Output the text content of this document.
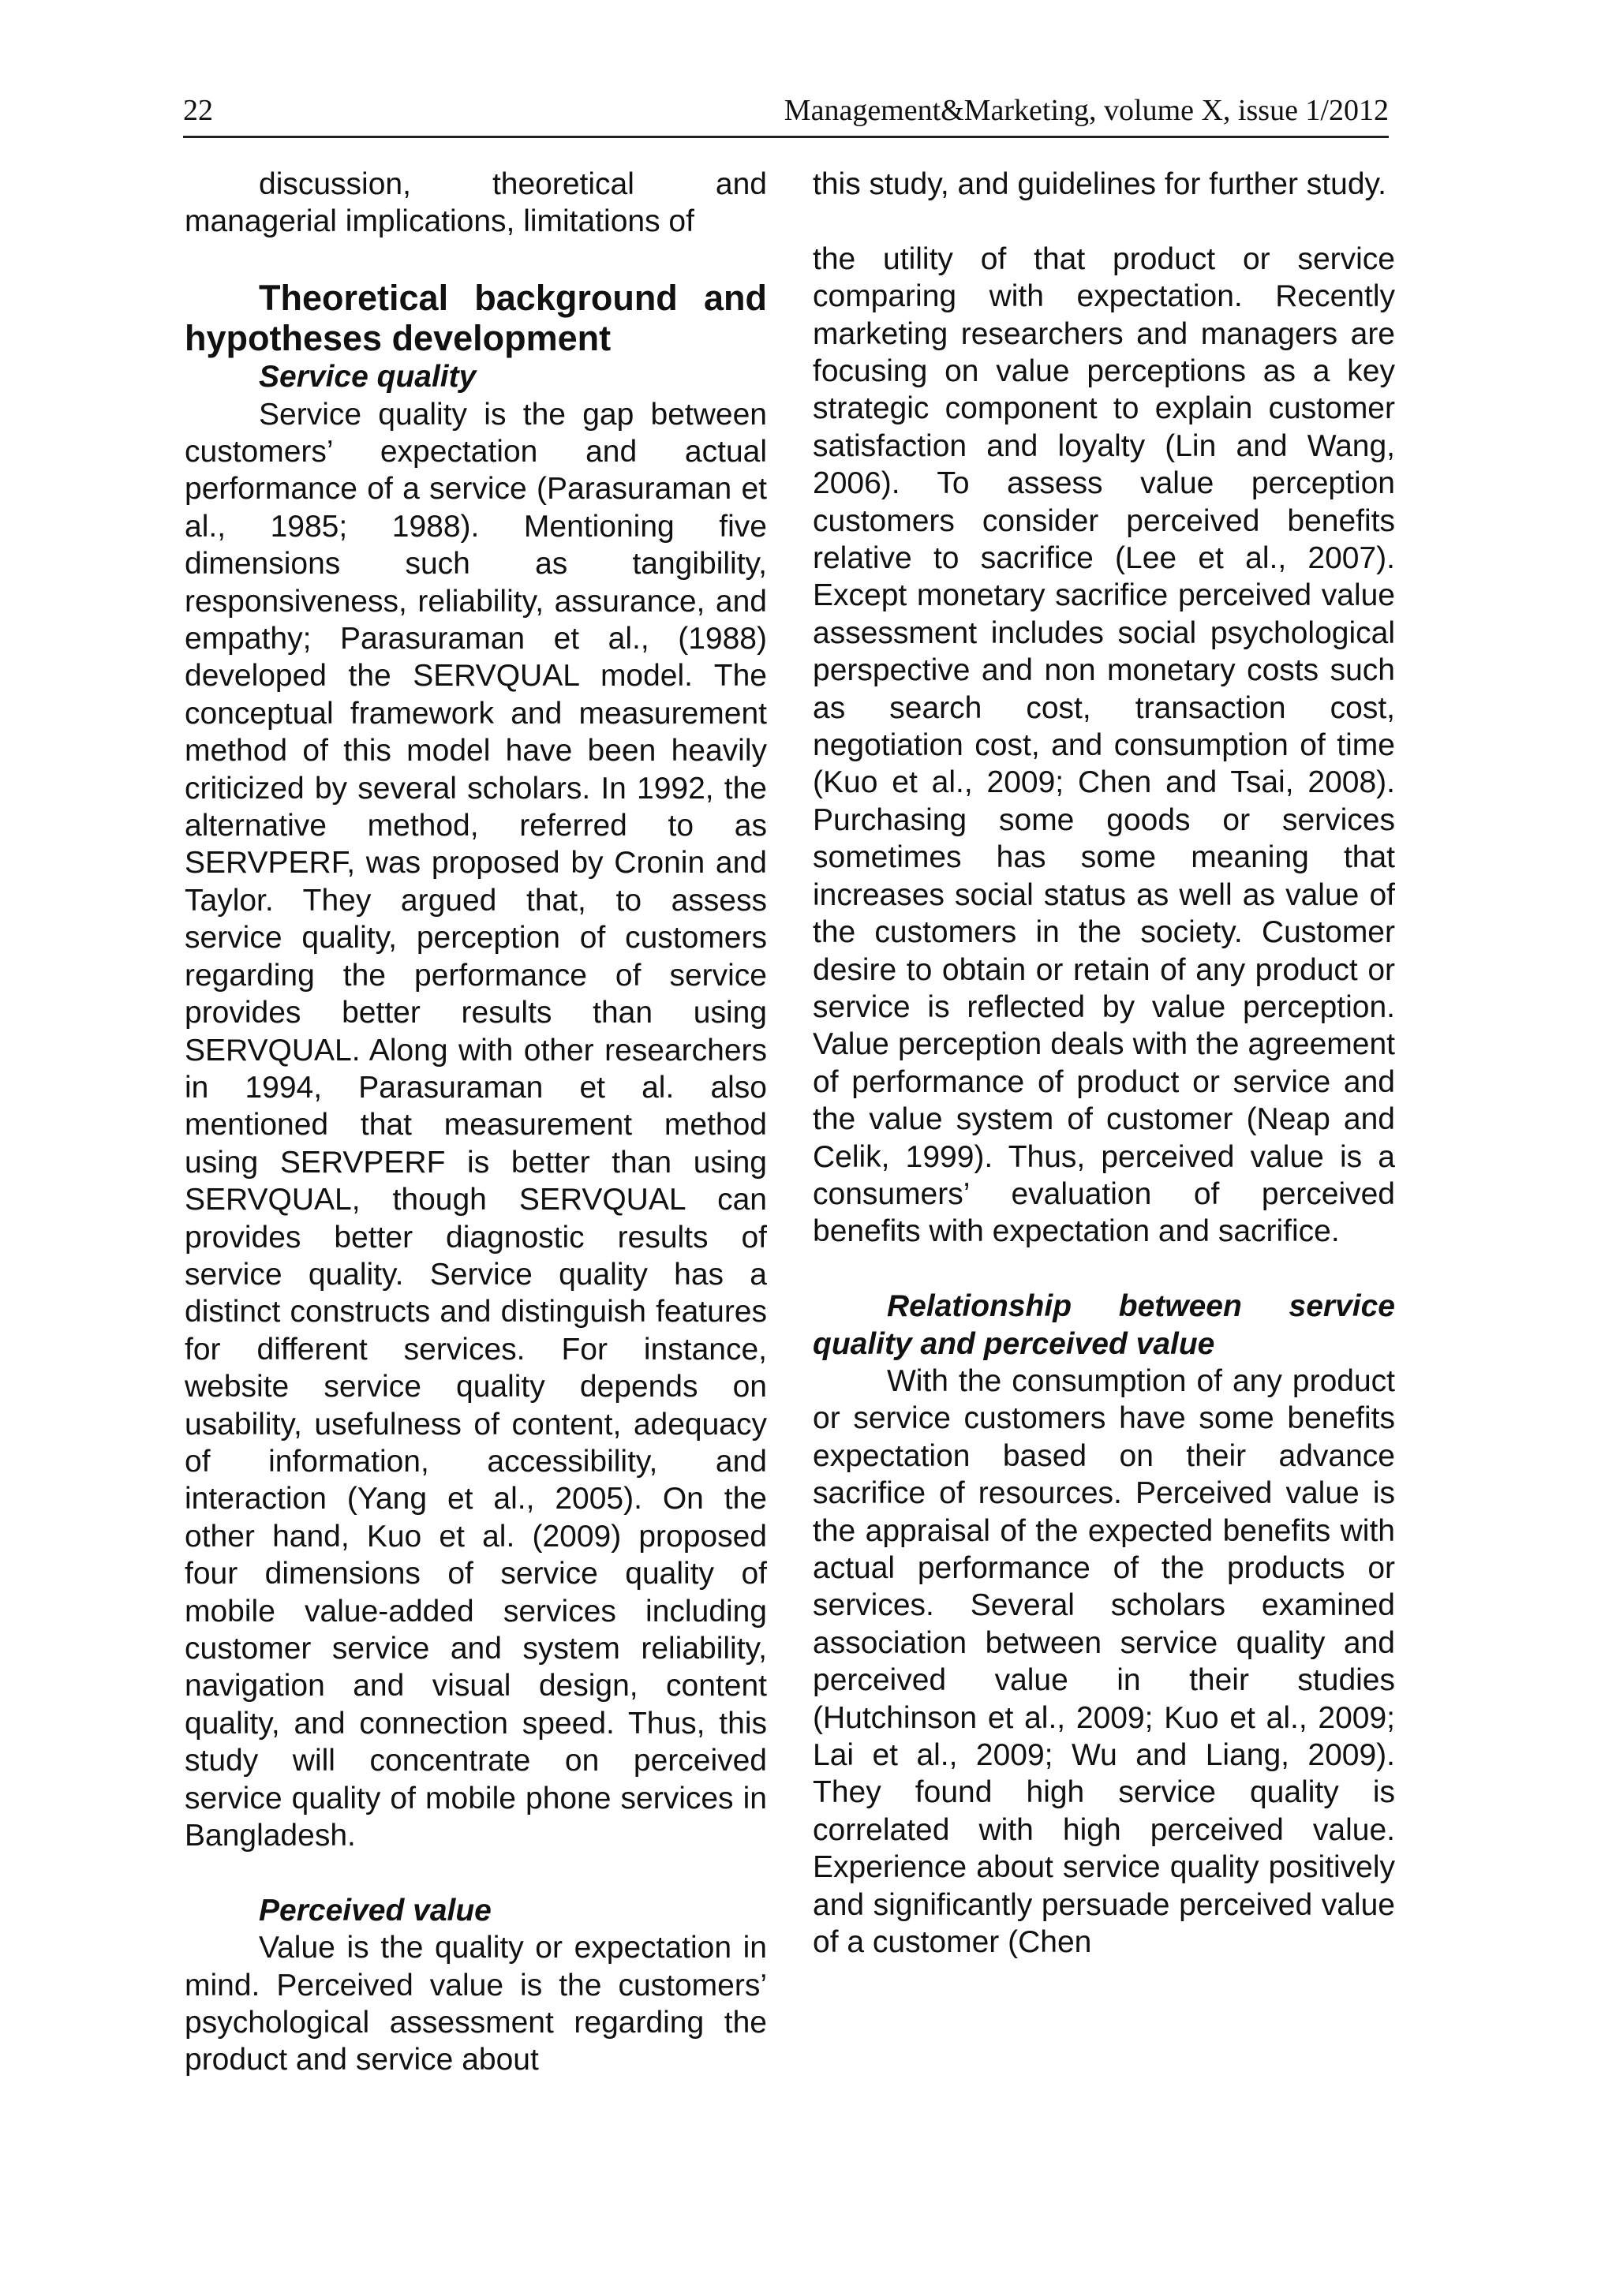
22	Management&Marketing, volume X, issue 1/2012

discussion, theoretical and managerial implications, limitations of

Theoretical background and hypotheses development

Service quality

Service quality is the gap between customers’ expectation and actual performance of a service (Parasuraman et al., 1985; 1988). Mentioning five dimensions such as tangibility, responsiveness, reliability, assurance, and empathy; Parasuraman et al., (1988) developed the SERVQUAL model. The conceptual framework and measurement method of this model have been heavily criticized by several scholars. In 1992, the alternative method, referred to as SERVPERF, was proposed by Cronin and Taylor. They argued that, to assess service quality, perception of customers regarding the performance of service provides better results than using SERVQUAL. Along with other researchers in 1994, Parasuraman et al. also mentioned that measurement method using SERVPERF is better than using SERVQUAL, though SERVQUAL can provides better diagnostic results of service quality. Service quality has a distinct constructs and distinguish features for different services. For instance, website service quality depends on usability, usefulness of content, adequacy of information, accessibility, and interaction (Yang et al., 2005). On the other hand, Kuo et al. (2009) proposed four dimensions of service quality of mobile value-added services including customer service and system reliability, navigation and visual design, content quality, and connection speed. Thus, this study will concentrate on perceived service quality of mobile phone services in Bangladesh.

Perceived value

Value is the quality or expectation in mind. Perceived value is the customers’ psychological assessment regarding the product and service about

this study, and guidelines for further study.

the utility of that product or service comparing with expectation. Recently marketing researchers and managers are focusing on value perceptions as a key strategic component to explain customer satisfaction and loyalty (Lin and Wang, 2006). To assess value perception customers consider perceived benefits relative to sacrifice (Lee et al., 2007). Except monetary sacrifice perceived value assessment includes social psychological perspective and non monetary costs such as search cost, transaction cost, negotiation cost, and consumption of time (Kuo et al., 2009; Chen and Tsai, 2008). Purchasing some goods or services sometimes has some meaning that increases social status as well as value of the customers in the society. Customer desire to obtain or retain of any product or service is reflected by value perception. Value perception deals with the agreement of performance of product or service and the value system of customer (Neap and Celik, 1999). Thus, perceived value is a consumers’ evaluation of perceived benefits with expectation and sacrifice.

Relationship between service quality and perceived value

With the consumption of any product or service customers have some benefits expectation based on their advance sacrifice of resources. Perceived value is the appraisal of the expected benefits with actual performance of the products or services. Several scholars examined association between service quality and perceived value in their studies (Hutchinson et al., 2009; Kuo et al., 2009; Lai et al., 2009; Wu and Liang, 2009). They found high service quality is correlated with high perceived value. Experience about service quality positively and significantly persuade perceived value of a customer (Chen
